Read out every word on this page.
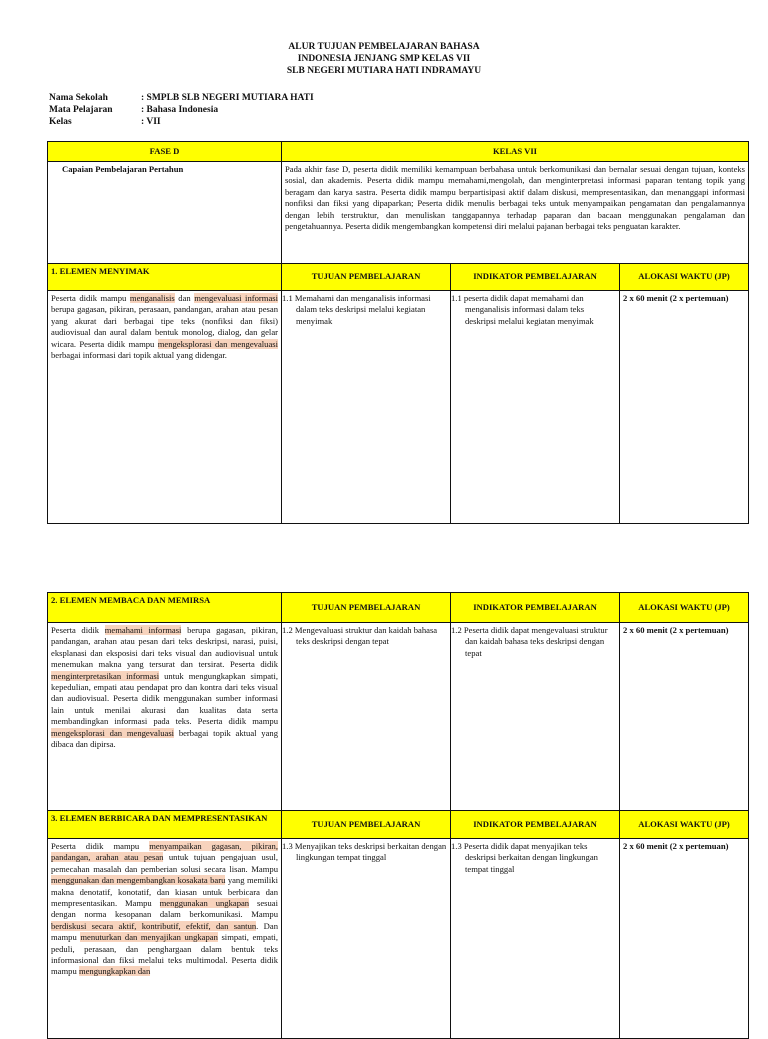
ALUR TUJUAN PEMBELAJARAN BAHASA
INDONESIA JENJANG SMP KELAS VII
SLB NEGERI MUTIARA HATI INDRAMAYU
Nama Sekolah	: SMPLB SLB NEGERI MUTIARA HATI
Mata Pelajaran	: Bahasa Indonesia
Kelas	: VII
FASE D	KELAS VII		
Capaian Pembelajaran Pertahun	Pada akhir fase D, peserta didik memiliki kemampuan berbahasa untuk berkomunikasi dan bernalar sesuai dengan tujuan, konteks sosial, dan akademis. Peserta didik mampu memahami,mengolah, dan menginterpretasi informasi paparan tentang topik yang beragam dan karya sastra. Peserta didik mampu berpartisipasi aktif dalam diskusi, mempresentasikan, dan menanggapi informasi nonfiksi dan fiksi yang dipaparkan; Peserta didik menulis berbagai teks untuk menyampaikan pengamatan dan pengalamannya dengan lebih terstruktur, dan menuliskan tanggapannya terhadap paparan dan bacaan menggunakan pengalaman dan pengetahuannya. Peserta didik mengembangkan kompetensi diri melalui pajanan berbagai teks penguatan karakter.		
1. ELEMEN MENYIMAK	TUJUAN PEMBELAJARAN	INDIKATOR PEMBELAJARAN	ALOKASI WAKTU (JP)
Peserta didik mampu menganalisis dan mengevaluasi informasi berupa gagasan, pikiran, perasaan, pandangan, arahan atau pesan yang akurat dari berbagai tipe teks (nonfiksi dan fiksi) audiovisual dan aural dalam bentuk monolog, dialog, dan gelar wicara. Peserta didik mampu mengeksplorasi dan mengevaluasi berbagai informasi dari topik aktual yang didengar.	1.1 Memahami dan menganalisis informasi dalam teks deskripsi melalui kegiatan menyimak	1.1 peserta didik dapat memahami dan menganalisis informasi dalam teks deskripsi melalui kegiatan menyimak	2 x 60 menit (2 x pertemuan)
2. ELEMEN MEMBACA DAN MEMIRSA	TUJUAN PEMBELAJARAN	INDIKATOR PEMBELAJARAN	ALOKASI WAKTU (JP)
Peserta didik memahami informasi berupa gagasan, pikiran, pandangan, arahan atau pesan dari teks deskripsi, narasi, puisi, eksplanasi dan eksposisi dari teks visual dan audiovisual untuk menemukan makna yang tersurat dan tersirat. Peserta didik menginterpretasikan informasi untuk mengungkapkan simpati, kepedulian, empati atau pendapat pro dan kontra dari teks visual dan audiovisual. Peserta didik menggunakan sumber informasi lain untuk menilai akurasi dan kualitas data serta membandingkan informasi pada teks. Peserta didik mampu mengeksplorasi dan mengevaluasi berbagai topik aktual yang dibaca dan dipirsa.	1.2 Mengevaluasi struktur dan kaidah bahasa teks deskripsi dengan tepat	1.2 Peserta didik dapat mengevaluasi struktur dan kaidah bahasa teks deskripsi dengan tepat	2 x 60 menit (2 x pertemuan)
3. ELEMEN BERBICARA DAN MEMPRESENTASIKAN	TUJUAN PEMBELAJARAN	INDIKATOR PEMBELAJARAN	ALOKASI WAKTU (JP)
Peserta didik mampu menyampaikan gagasan, pikiran, pandangan, arahan atau pesan untuk tujuan pengajuan usul, pemecahan masalah dan pemberian solusi secara lisan. Mampu menggunakan dan mengembangkan kosakata baru yang memiliki makna denotatif, konotatif, dan kiasan untuk berbicara dan mempresentasikan. Mampu menggunakan ungkapan sesuai dengan norma kesopanan dalam berkomunikasi. Mampu berdiskusi secara aktif, kontributif, efektif, dan santun. Dan mampu menuturkan dan menyajikan ungkapan simpati, empati, peduli, perasaan, dan penghargaan dalam bentuk teks informasional dan fiksi melalui teks multimodal. Peserta didik mampu mengungkapkan dan	1.3 Menyajikan teks deskripsi berkaitan dengan lingkungan tempat tinggal	1.3 Peserta didik dapat menyajikan teks deskripsi berkaitan dengan lingkungan tempat tinggal	2 x 60 menit (2 x pertemuan)
